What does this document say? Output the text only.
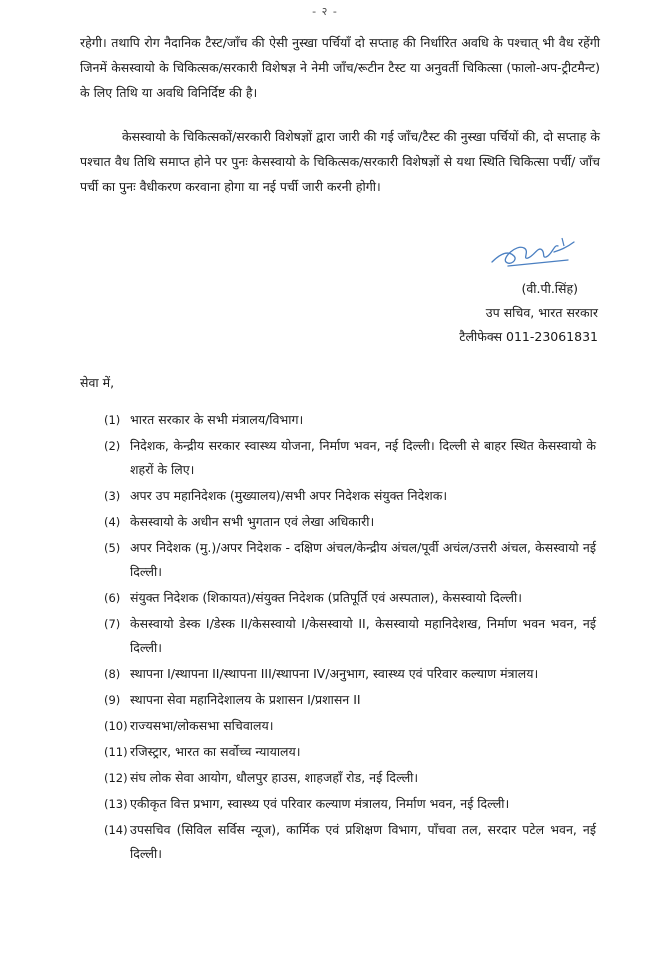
- २ -
रहेगी। तथापि रोग नैदानिक टैस्ट/जाँच की ऐसी नुस्खा पर्चियाँ दो सप्ताह की निर्धारित अवधि के पश्चात् भी वैध रहेंगी जिनमें केसस्वायो के चिकित्सक/सरकारी विशेषज्ञ ने नेमी जाँच/रूटीन टैस्ट या अनुवर्ती चिकित्सा (फालो-अप-ट्रीटमैन्ट) के लिए तिथि या अवधि विनिर्दिष्ट की है।
केसस्वायो के चिकित्सकों/सरकारी विशेषज्ञों द्वारा जारी की गई जाँच/टैस्ट की नुस्खा पर्चियों की, दो सप्ताह के पश्चात वैध तिथि समाप्त होने पर पुनः केसस्वायो के चिकित्सक/सरकारी विशेषज्ञों से यथा स्थिति चिकित्सा पर्ची/ जाँच पर्ची का पुनः वैधीकरण करवाना होगा या नई पर्ची जारी करनी होगी।
(वी.पी.सिंह)
उप सचिव, भारत सरकार
टैलीफेक्स 011-23061831
सेवा में,
(1) भारत सरकार के सभी मंत्रालय/विभाग।
(2) निदेशक, केन्द्रीय सरकार स्वास्थ्य योजना, निर्माण भवन, नई दिल्ली। दिल्ली से बाहर स्थित केसस्वायो के शहरों के लिए।
(3) अपर उप महानिदेशक (मुख्यालय)/सभी अपर निदेशक संयुक्त निदेशक।
(4) केसस्वायो के अधीन सभी भुगतान एवं लेखा अधिकारी।
(5) अपर निदेशक (मु.)/अपर निदेशक - दक्षिण अंचल/केन्द्रीय अंचल/पूर्वी अचंल/उत्तरी अंचल, केसस्वायो नई दिल्ली।
(6) संयुक्त निदेशक (शिकायत)/संयुक्त निदेशक (प्रतिपूर्ति एवं अस्पताल), केसस्वायो दिल्ली।
(7) केसस्वायो डेस्क I/डेस्क II/केसस्वायो I/केसस्वायो II, केसस्वायो महानिदेशख, निर्माण भवन भवन, नई दिल्ली।
(8) स्थापना I/स्थापना II/स्थापना III/स्थापना IV/अनुभाग, स्वास्थ्य एवं परिवार कल्याण मंत्रालय।
(9) स्थापना सेवा महानिदेशालय के प्रशासन I/प्रशासन II
(10) राज्यसभा/लोकसभा सचिवालय।
(11) रजिस्ट्रार, भारत का सर्वोच्च न्यायालय।
(12) संघ लोक सेवा आयोग, धौलपुर हाउस, शाहजहाँ रोड, नई दिल्ली।
(13) एकीकृत वित्त प्रभाग, स्वास्थ्य एवं परिवार कल्याण मंत्रालय, निर्माण भवन, नई दिल्ली।
(14) उपसचिव (सिविल सर्विस न्यूज), कार्मिक एवं प्रशिक्षण विभाग, पाँचवा तल, सरदार पटेल भवन, नई दिल्ली।
